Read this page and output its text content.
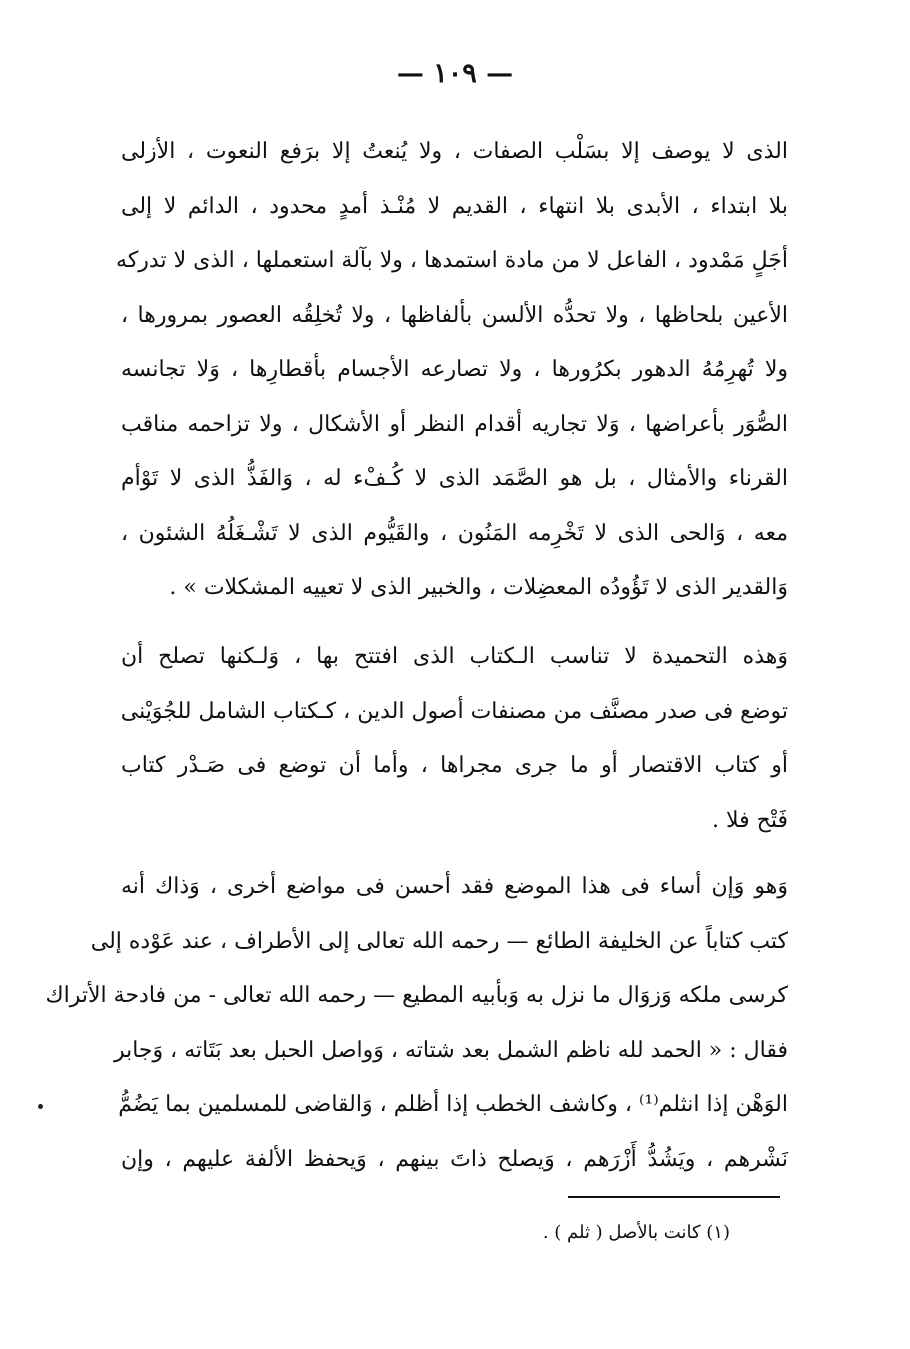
— ١٠٩ —
الذى لا يوصف إلا بسَلْب الصفات ، ولا يُنعتُ إلا برَفع النعوت ، الأزلى
بلا ابتداء ، الأبدى بلا انتهاء ، القديم لا مُنْـذ أمدٍ محدود ، الدائم لا إلى
أجَلٍ مَمْدود ، الفاعل لا من مادة استمدها ، ولا بآلة استعملها ، الذى لا تدركه
الأعين بلحاظها ، ولا تحدُّه الألسن بألفاظها ، ولا تُخلِقُه العصور بمرورها ،
ولا تُهرِمُهُ الدهور بكرُورها ، ولا تصارعه الأجسام بأقطارِها ، وَلا تجانسه
الصُّوَر بأعراضها ، وَلا تجاريه أقدام النظر أو الأشكال ، ولا تزاحمه مناقب
القرناء والأمثال ، بل هو الصَّمَد الذى لا كُـفْء له ، وَالفَذُّ الذى لا تَوْأم
معه ، وَالحى الذى لا تَخْرِمه المَنُون ، والقَيُّوم الذى لا تَشْـغَلُهُ الشئون ،
وَالقدير الذى لا تَؤُودُه المعضِلات ، والخبير الذى لا تعييه المشكلات » .
وَهذه التحميدة لا تناسب الـكتاب الذى افتتح بها ، وَلـكنها تصلح أن
توضع فى صدر مصنَّف من مصنفات أصول الدين ، كـكتاب الشامل للجُوَيْنى
أو كتاب الاقتصار أو ما جرى مجراها ، وأما أن توضع فى صَـدْر كتاب
فَتْح فلا .
وَهو وَإن أساء فى هذا الموضع فقد أحسن فى مواضع أخرى ، وَذاك أنه
كتب كتاباً عن الخليفة الطائع — رحمه الله تعالى إلى الأطراف ، عند عَوْده إلى
كرسى ملكه وَزوَال ما نزل به وَبأبيه المطيع — رحمه الله تعالى - من فادحة الأتراك
فقال : « الحمد لله ناظم الشمل بعد شتاته ، وَواصل الحبل بعد بَتَاته ، وَجابر
الوَهْن إذا انثلم⁽¹⁾ ، وكاشف الخطب إذا أظلم ، وَالقاضى للمسلمين بما يَضُمُّ
نَشْرهم ، ويَشُدُّ أَزْرَهم ، وَيصلح ذاتَ بينهم ، وَيحفظ الألفة عليهم ، وإن
(١) كانت بالأصل ( ثلم ) .
